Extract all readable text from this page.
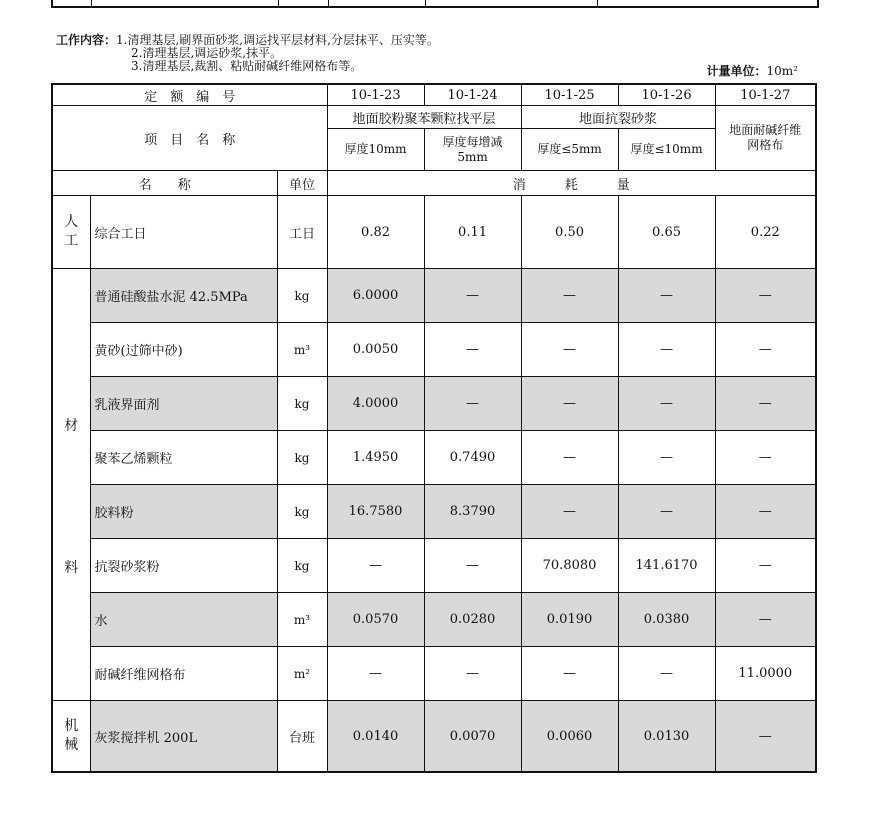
工作内容：1.清理基层,刷界面砂浆,调运找平层材料,分层抹平、压实等。
2.清理基层,调运砂浆,抹平。
3.清理基层,裁割、粘贴耐碱纤维网格布等。	计量单位：10m²
定　额　编　号			10-1-23	10-1-24	10-1-25	10-1-26	10-1-27
项　目　名　称			地面胶粉聚苯颗粒找平层		地面抗裂砂浆		地面耐碱纤维网格布
			厚度10mm	厚度每增减5mm	厚度≤5mm	厚度≤10mm	
名　　称		单位	消　　　耗　　　量				
人工	综合工日	工日	0.82	0.11	0.50	0.65	0.22

材
料	普通硅酸盐水泥 42.5MPa	kg	6.0000	—	—	—	—
	黄砂(过筛中砂)	m³	0.0050	—	—	—	—
	乳液界面剂	kg	4.0000	—	—	—	—
	聚苯乙烯颗粒	kg	1.4950	0.7490	—	—	—
	胶料粉	kg	16.7580	8.3790	—	—	—
	抗裂砂浆粉	kg	—	—	70.8080	141.6170	—
	水	m³	0.0570	0.0280	0.0190	0.0380	—
	耐碱纤维网格布	m²	—	—	—	—	11.0000
机械	灰浆搅拌机 200L	台班	0.0140	0.0070	0.0060	0.0130	—
